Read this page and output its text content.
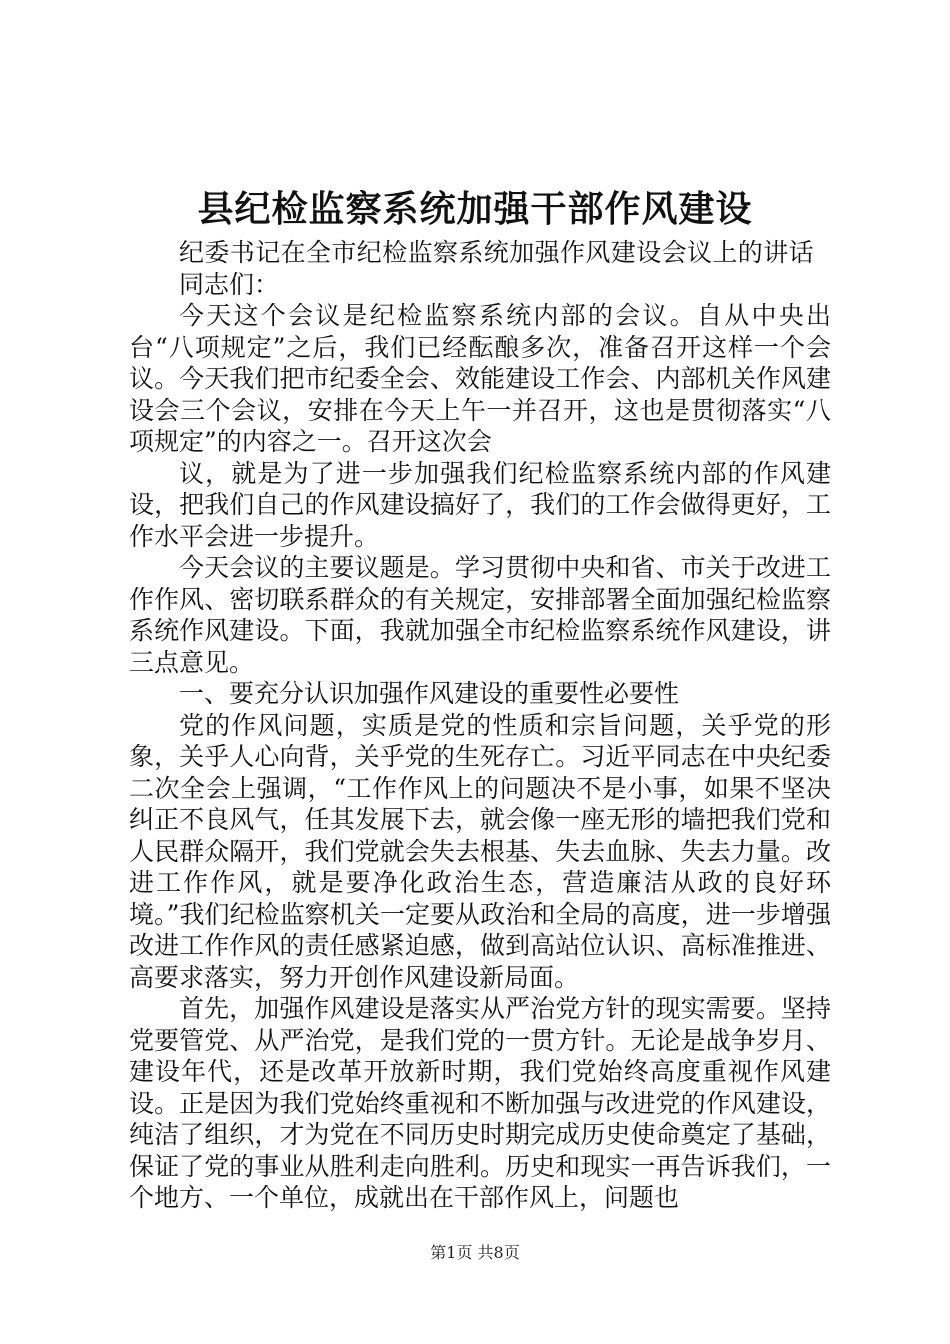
县纪检监察系统加强干部作风建设

纪委书记在全市纪检监察系统加强作风建设会议上的讲话

同志们：

今天这个会议是纪检监察系统内部的会议。自从中央出台“八项规定”之后，我们已经酝酿多次，准备召开这样一个会议。今天我们把市纪委全会、效能建设工作会、内部机关作风建设会三个会议，安排在今天上午一并召开，这也是贯彻落实“八项规定”的内容之一。召开这次会

议，就是为了进一步加强我们纪检监察系统内部的作风建设，把我们自己的作风建设搞好了，我们的工作会做得更好，工作水平会进一步提升。

今天会议的主要议题是。学习贯彻中央和省、市关于改进工作作风、密切联系群众的有关规定，安排部署全面加强纪检监察系统作风建设。下面，我就加强全市纪检监察系统作风建设，讲三点意见。

一、要充分认识加强作风建设的重要性必要性

党的作风问题，实质是党的性质和宗旨问题，关乎党的形象，关乎人心向背，关乎党的生死存亡。习近平同志在中央纪委二次全会上强调，“工作作风上的问题决不是小事，如果不坚决纠正不良风气，任其发展下去，就会像一座无形的墙把我们党和人民群众隔开，我们党就会失去根基、失去血脉、失去力量。改进工作作风，就是要净化政治生态，营造廉洁从政的良好环境。”我们纪检监察机关一定要从政治和全局的高度，进一步增强改进工作作风的责任感紧迫感，做到高站位认识、高标准推进、高要求落实，努力开创作风建设新局面。

首先，加强作风建设是落实从严治党方针的现实需要。坚持党要管党、从严治党，是我们党的一贯方针。无论是战争岁月、建设年代，还是改革开放新时期，我们党始终高度重视作风建设。正是因为我们党始终重视和不断加强与改进党的作风建设，纯洁了组织，才为党在不同历史时期完成历史使命奠定了基础，保证了党的事业从胜利走向胜利。历史和现实一再告诉我们，一个地方、一个单位，成就出在干部作风上，问题也

第1页 共8页
